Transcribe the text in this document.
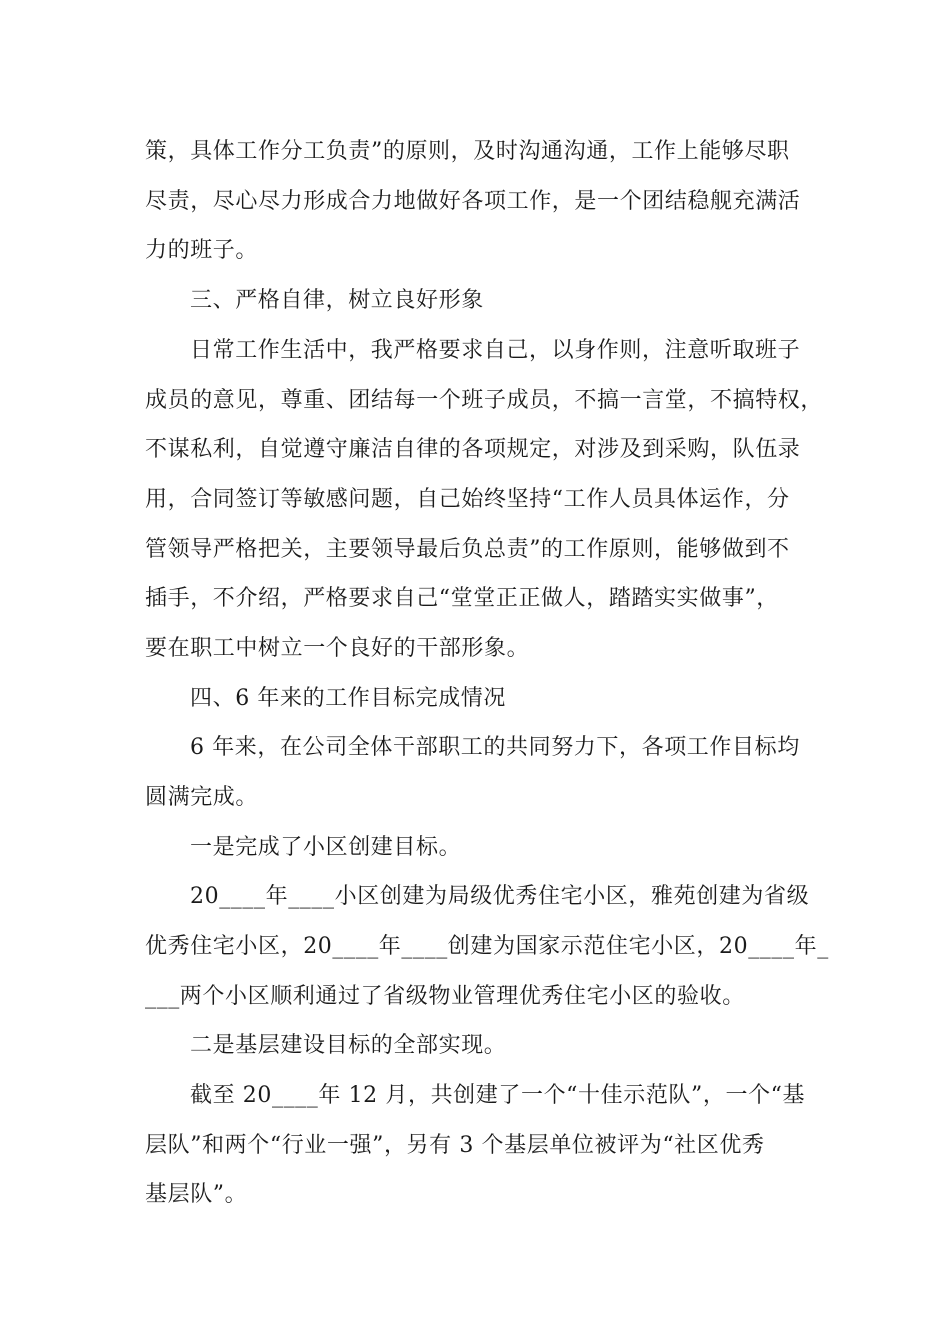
策，具体工作分工负责”的原则，及时沟通沟通，工作上能够尽职
尽责，尽心尽力形成合力地做好各项工作，是一个团结稳舰充满活
力的班子。
三、严格自律，树立良好形象
日常工作生活中，我严格要求自己，以身作则，注意听取班子
成员的意见，尊重、团结每一个班子成员，不搞一言堂，不搞特权，
不谋私利，自觉遵守廉洁自律的各项规定，对涉及到采购，队伍录
用，合同签订等敏感问题，自己始终坚持“工作人员具体运作，分
管领导严格把关，主要领导最后负总责”的工作原则，能够做到不
插手，不介绍，严格要求自己“堂堂正正做人，踏踏实实做事”，
要在职工中树立一个良好的干部形象。
四、6 年来的工作目标完成情况
6 年来，在公司全体干部职工的共同努力下，各项工作目标均
圆满完成。
一是完成了小区创建目标。
20____年____小区创建为局级优秀住宅小区，雅苑创建为省级
优秀住宅小区，20____年____创建为国家示范住宅小区，20____年_
___两个小区顺利通过了省级物业管理优秀住宅小区的验收。
二是基层建设目标的全部实现。
截至 20____年 12 月，共创建了一个“十佳示范队”，一个“基
层队”和两个“行业一强”，另有 3 个基层单位被评为“社区优秀
基层队”。
